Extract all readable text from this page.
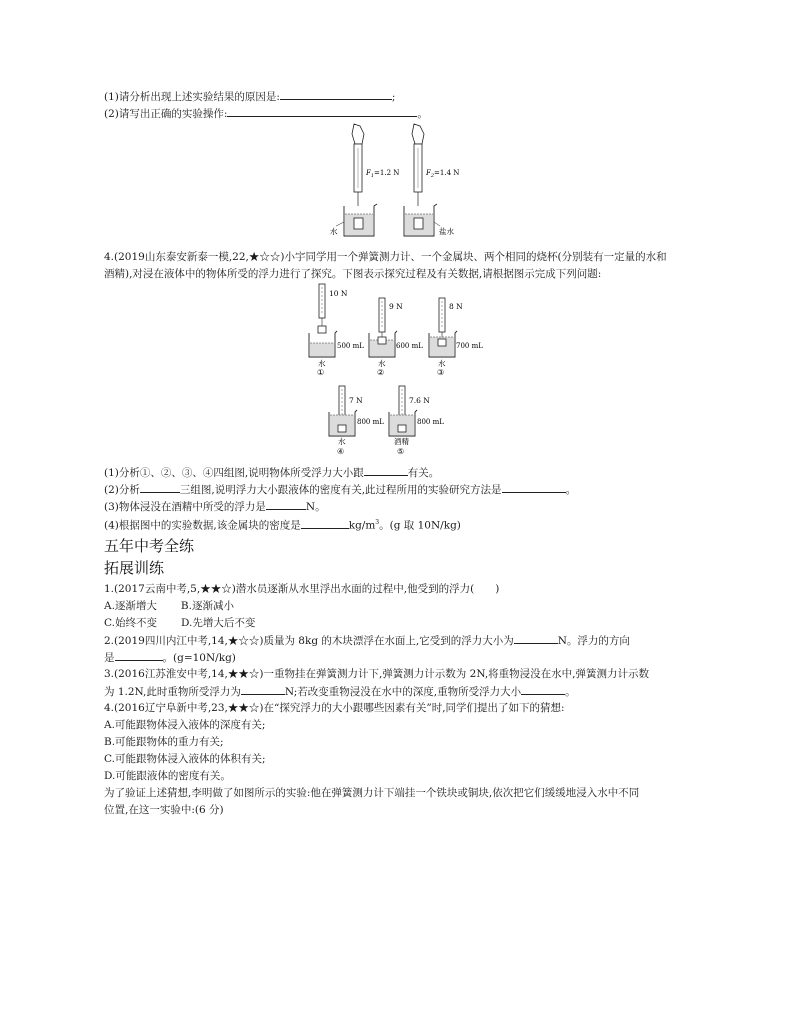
(1)请分析出现上述实验结果的原因是:	;
(2)请写出正确的实验操作:	。
$F_1=1.2$ N
水
$F_2=1.4$ N
盐水
4.(2019山东泰安新泰一模,22,★☆☆)小宇同学用一个弹簧测力计、一个金属块、两个相同的烧杯(分别装有一定量的水和
酒精),对浸在液体中的物体所受的浮力进行了探究。下图表示探究过程及有关数据,请根据图示完成下列问题:
10 N
500 mL
水
①
9 N
600 mL
水
②
8 N
700 mL
水
③
7 N
800 mL
水
④
7.6 N
800 mL
酒精
⑤
(1)分析①、②、③、④四组图,说明物体所受浮力大小跟	有关。
(2)分析	三组图,说明浮力大小跟液体的密度有关,此过程所用的实验研究方法是	。
(3)物体浸没在酒精中所受的浮力是	N。
(4)根据图中的实验数据,该金属块的密度是	$kg/m^3$。(g 取 10N/kg)
五年中考全练
拓展训练
1.(2017云南中考,5,★★☆)潜水员逐渐从水里浮出水面的过程中,他受到的浮力(　　)
A.逐渐增大 B.逐渐减小
C.始终不变 D.先增大后不变
2.(2019四川内江中考,14,★☆☆)质量为 8kg 的木块漂浮在水面上,它受到的浮力大小为	N。浮力的方向
是	。(g=10N/kg)
3.(2016江苏淮安中考,14,★★☆)一重物挂在弹簧测力计下,弹簧测力计示数为 2N,将重物浸没在水中,弹簧测力计示数
为 1.2N,此时重物所受浮力为	N;若改变重物浸没在水中的深度,重物所受浮力大小	。
4.(2016辽宁阜新中考,23,★★☆)在“探究浮力的大小跟哪些因素有关”时,同学们提出了如下的猜想:
A.可能跟物体浸入液体的深度有关;
B.可能跟物体的重力有关;
C.可能跟物体浸入液体的体积有关;
D.可能跟液体的密度有关。
为了验证上述猜想,李明做了如图所示的实验:他在弹簧测力计下端挂一个铁块或铜块,依次把它们缓缓地浸入水中不同
位置,在这一实验中:(6 分)
